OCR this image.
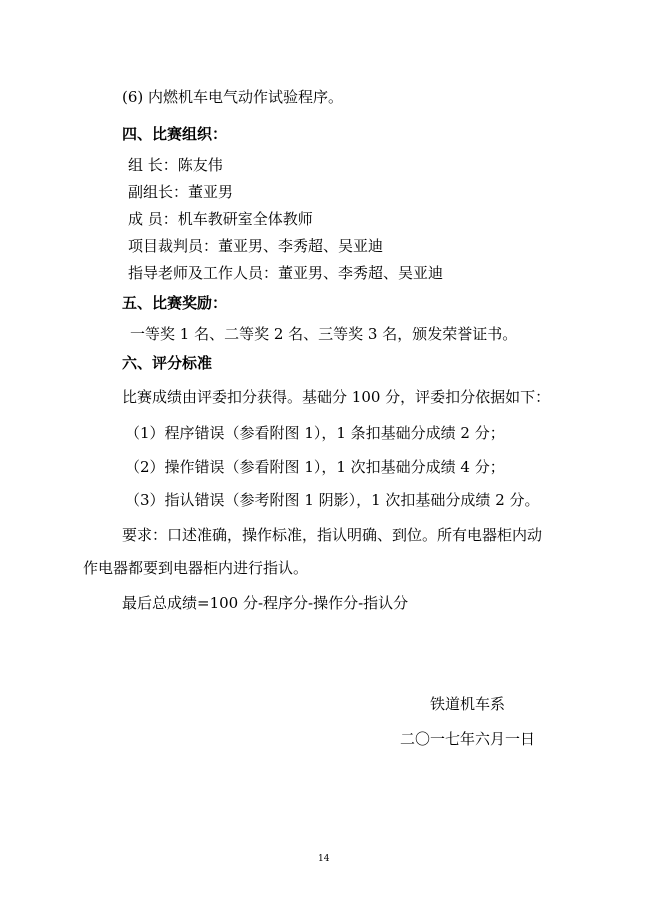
(6) 内燃机车电气动作试验程序。
四、比赛组织：
组 长：陈友伟
副组长：董亚男
成 员：机车教研室全体教师
项目裁判员：董亚男、李秀超、吴亚迪
指导老师及工作人员：董亚男、李秀超、吴亚迪
五、比赛奖励：
一等奖 1 名、二等奖 2 名、三等奖 3 名，颁发荣誉证书。
六、评分标准
比赛成绩由评委扣分获得。基础分 100 分，评委扣分依据如下：
（1）程序错误（参看附图 1），1 条扣基础分成绩 2 分；
（2）操作错误（参看附图 1），1 次扣基础分成绩 4 分；
（3）指认错误（参考附图 1 阴影），1 次扣基础分成绩 2 分。
要求：口述准确，操作标准，指认明确、到位。所有电器柜内动
作电器都要到电器柜内进行指认。
最后总成绩=100 分-程序分-操作分-指认分
铁道机车系
二〇一七年六月一日
14
